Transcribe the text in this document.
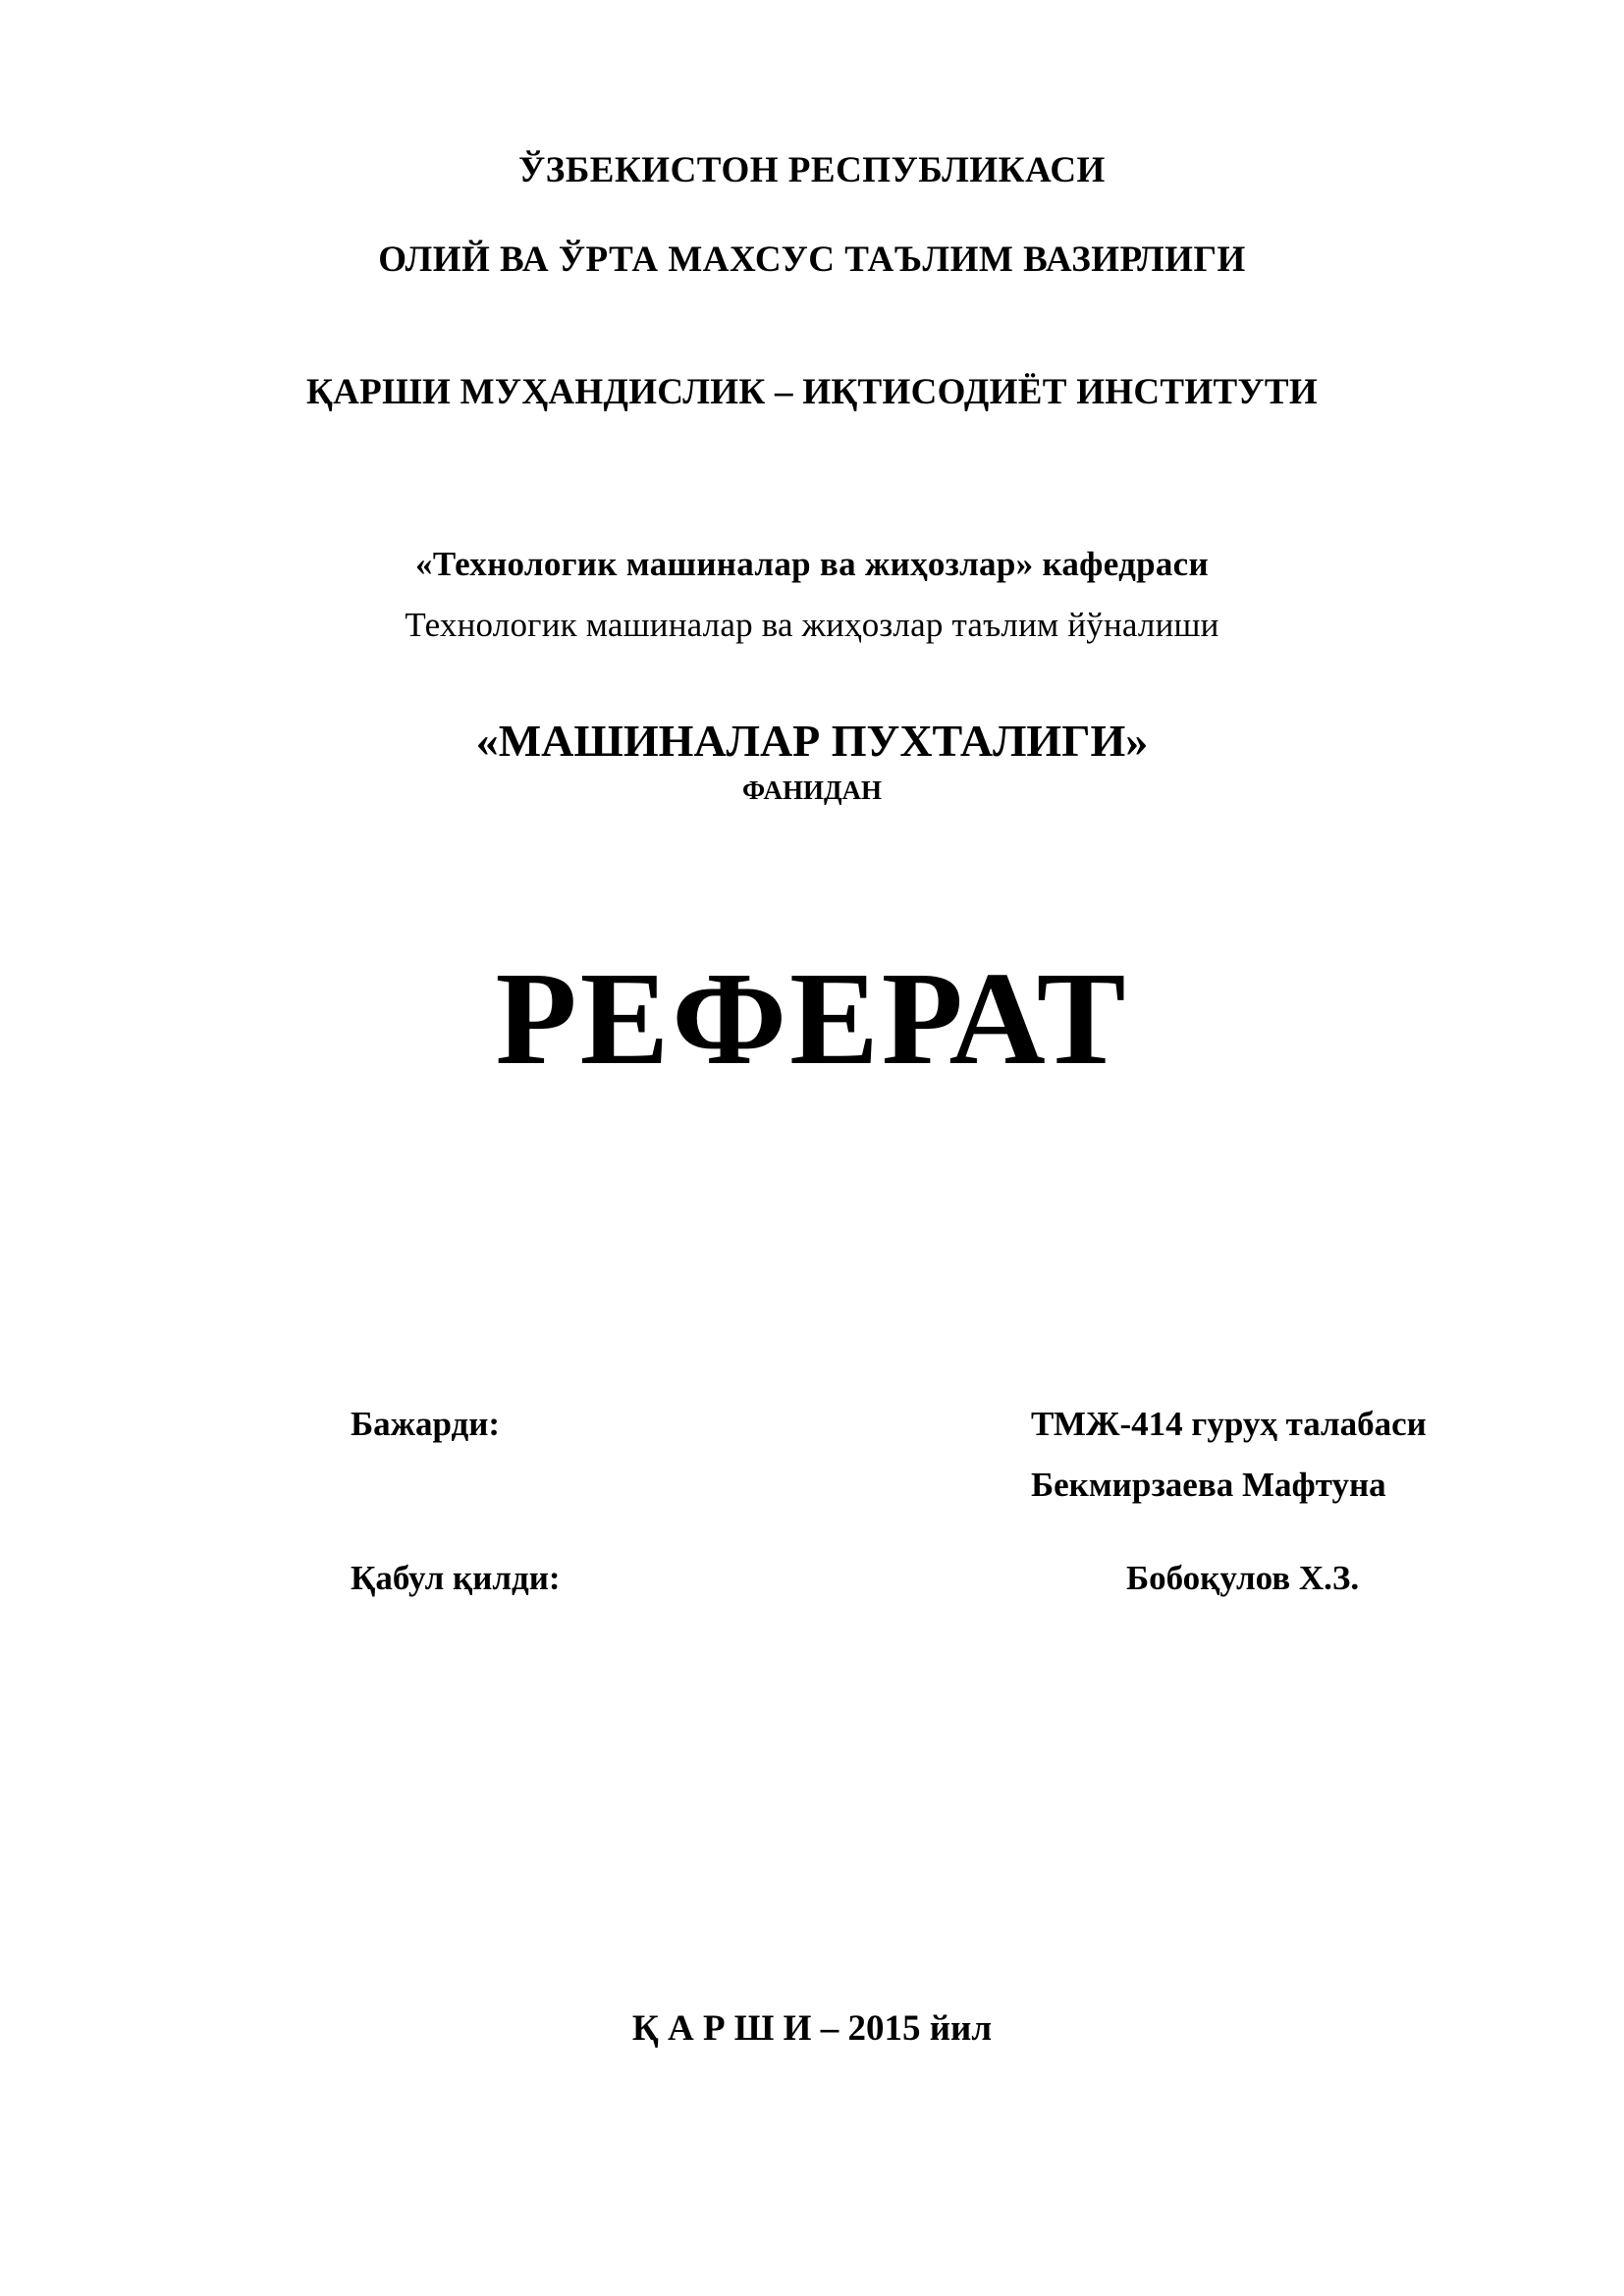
ЎЗБЕКИСТОН РЕСПУБЛИКАСИ
ОЛИЙ ВА ЎРТА МАХСУС ТАЪЛИМ ВАЗИРЛИГИ
ҚАРШИ МУҲАНДИСЛИК – ИҚТИСОДИЁТ ИНСТИТУТИ
«Технологик машиналар ва жиҳозлар» кафедраси
Технологик машиналар ва жиҳозлар таълим йўналиши
«МАШИНАЛАР ПУХТАЛИГИ»
ФАНИДАН
РЕФЕРАТ
Бажарди:	ТМЖ-414 гуруҳ талабаси
Бекмирзаева Мафтуна
Қабул қилди:	Бобоқулов Х.З.
Қ А Р Ш И – 2015 йил
